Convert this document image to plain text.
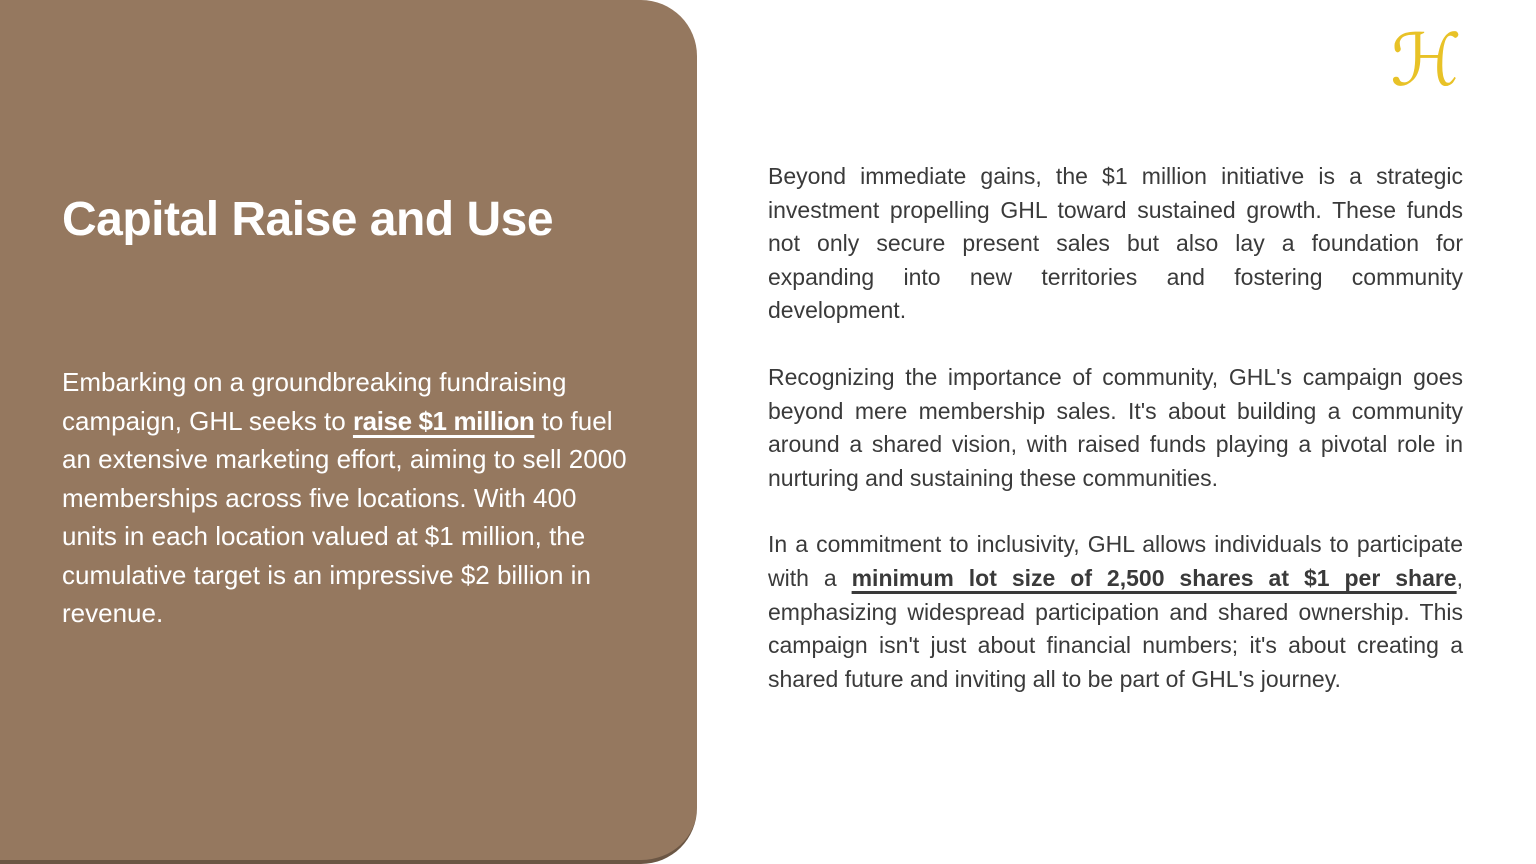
Capital Raise and Use

Embarking on a groundbreaking fundraising campaign, GHL seeks to raise $1 million to fuel an extensive marketing effort, aiming to sell 2000 memberships across five locations. With 400 units in each location valued at $1 million, the cumulative target is an impressive $2 billion in revenue.

Beyond immediate gains, the $1 million initiative is a strategic investment propelling GHL toward sustained growth. These funds not only secure present sales but also lay a foundation for expanding into new territories and fostering community development.

Recognizing the importance of community, GHL's campaign goes beyond mere membership sales. It's about building a community around a shared vision, with raised funds playing a pivotal role in nurturing and sustaining these communities.

In a commitment to inclusivity, GHL allows individuals to participate with a minimum lot size of 2,500 shares at $1 per share, emphasizing widespread participation and shared ownership. This campaign isn't just about financial numbers; it's about creating a shared future and inviting all to be part of GHL's journey.

ℋ
